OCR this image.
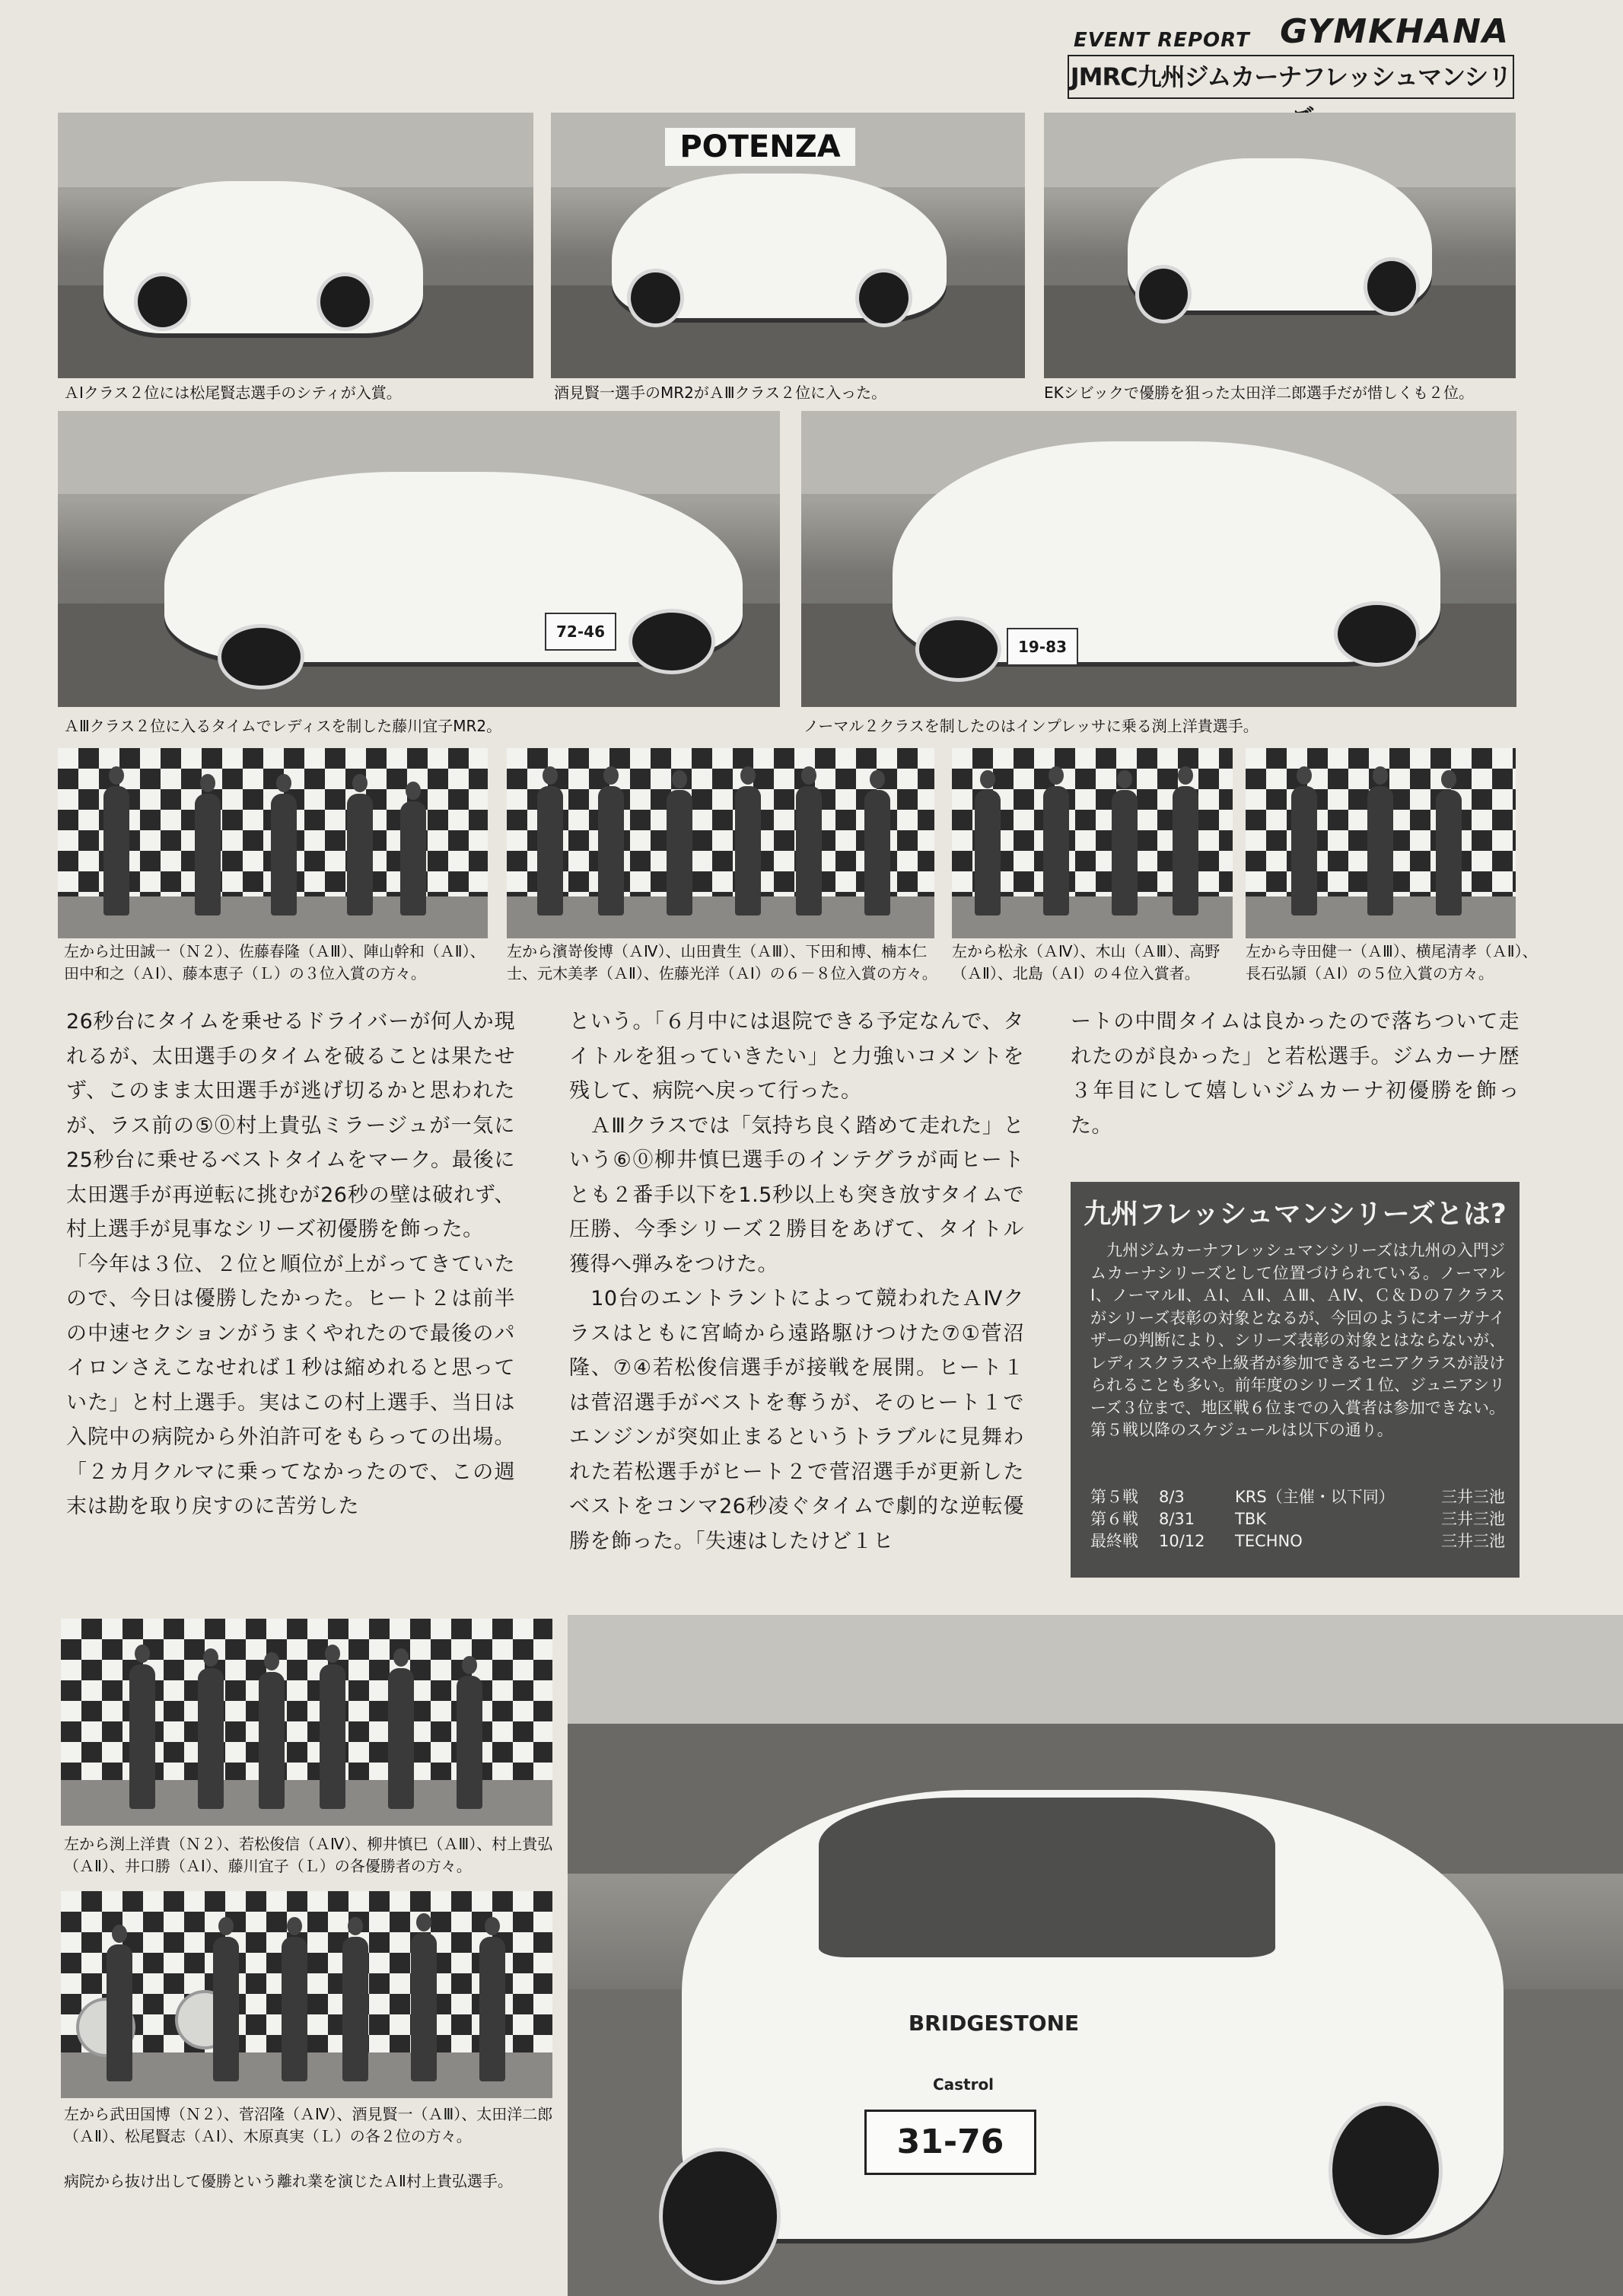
EVENT REPORT GYMKHANA
JMRC九州ジムカーナフレッシュマンシリ
ＡⅠクラス２位には松尾賢志選手のシティが入賞。
POTENZA
酒見賢一選手のMR2がＡⅢクラス２位に入った。	EKシビックで優勝を狙った太田洋二郎選手だが惜しくも２位。
72-46
ＡⅢクラス２位に入るタイムでレディスを制した藤川宜子MR2。
19-83
ノーマル２クラスを制したのはインプレッサに乗る渕上洋貴選手。
左から辻田誠一（Ｎ２）、佐藤春隆（ＡⅢ）、陣山幹和（ＡⅡ）、
田中和之（ＡⅠ）、藤本恵子（Ｌ）の３位入賞の方々。
左から濱嵜俊博（ＡⅣ）、山田貴生（ＡⅢ）、下田和博、楠本仁
士、元木美孝（ＡⅡ）、佐藤光洋（ＡⅠ）の６－８位入賞の方々。
左から松永（ＡⅣ）、木山（ＡⅢ）、高野
（ＡⅡ）、北島（ＡⅠ）の４位入賞者。
左から寺田健一（ＡⅢ）、横尾清孝（ＡⅡ）、
長石弘頴（ＡⅠ）の５位入賞の方々。

26秒台にタイムを乗せるドライバーが何人か現れるが、太田選手のタイムを破ることは果たせず、このまま太田選手が逃げ切るかと思われたが、ラス前の⑤⓪村上貴弘ミラージュが一気に25秒台に乗せるベストタイムをマーク。最後に太田選手が再逆転に挑むが26秒の壁は破れず、村上選手が見事なシリーズ初優勝を飾った。

「今年は３位、２位と順位が上がってきていたので、今日は優勝したかった。ヒート２は前半の中速セクションがうまくやれたので最後のパイロンさえこなせれば１秒は縮めれると思っていた」と村上選手。実はこの村上選手、当日は入院中の病院から外泊許可をもらっての出場。「２カ月クルマに乗ってなかったので、この週末は勘を取り戻すのに苦労した

という。「６月中には退院できる予定なんで、タイトルを狙っていきたい」と力強いコメントを残して、病院へ戻って行った。

　ＡⅢクラスでは「気持ち良く踏めて走れた」という⑥⓪柳井慎巳選手のインテグラが両ヒートとも２番手以下を1.5秒以上も突き放すタイムで圧勝、今季シリーズ２勝目をあげて、タイトル獲得へ弾みをつけた。

　10台のエントラントによって競われたＡⅣクラスはともに宮崎から遠路駆けつけた⑦①菅沼隆、⑦④若松俊信選手が接戦を展開。ヒート１は菅沼選手がベストを奪うが、そのヒート１でエンジンが突如止まるというトラブルに見舞われた若松選手がヒート２で菅沼選手が更新したベストをコンマ26秒凌ぐタイムで劇的な逆転優勝を飾った。「失速はしたけど１ヒ

ートの中間タイムは良かったので落ちついて走れたのが良かった」と若松選手。ジムカーナ歴３年目にして嬉しいジムカーナ初優勝を飾った。

九州フレッシュマンシリーズとは?
　九州ジムカーナフレッシュマンシリーズは九州の入門ジムカーナシリーズとして位置づけられている。ノーマルⅠ、ノーマルⅡ、ＡⅠ、ＡⅡ、ＡⅢ、ＡⅣ、Ｃ＆Ｄの７クラスがシリーズ表彰の対象となるが、今回のようにオーガナイザーの判断により、シリーズ表彰の対象とはならないが、レディスクラスや上級者が参加できるセニアクラスが設けられることも多い。前年度のシリーズ１位、ジュニアシリーズ３位まで、地区戦６位までの入賞者は参加できない。第５戦以降のスケジュールは以下の通り。
第５戦 8/3	KRS（主催・以下同）	三井三池
第６戦 8/31	TBK	三井三池
最終戦 10/12 TECHNO	三井三池
左から渕上洋貴（Ｎ２）、若松俊信（ＡⅣ）、柳井慎巳（ＡⅢ）、村上貴弘
（ＡⅡ）、井口勝（ＡⅠ）、藤川宜子（Ｌ）の各優勝者の方々。
左から武田国博（Ｎ２）、菅沼隆（ＡⅣ）、酒見賢一（ＡⅢ）、太田洋二郎
（ＡⅡ）、松尾賢志（ＡⅠ）、木原真実（Ｌ）の各２位の方々。
病院から抜け出して優勝という離れ業を演じたＡⅡ村上貴弘選手。
BRIDGESTONE
Castrol
31-76
